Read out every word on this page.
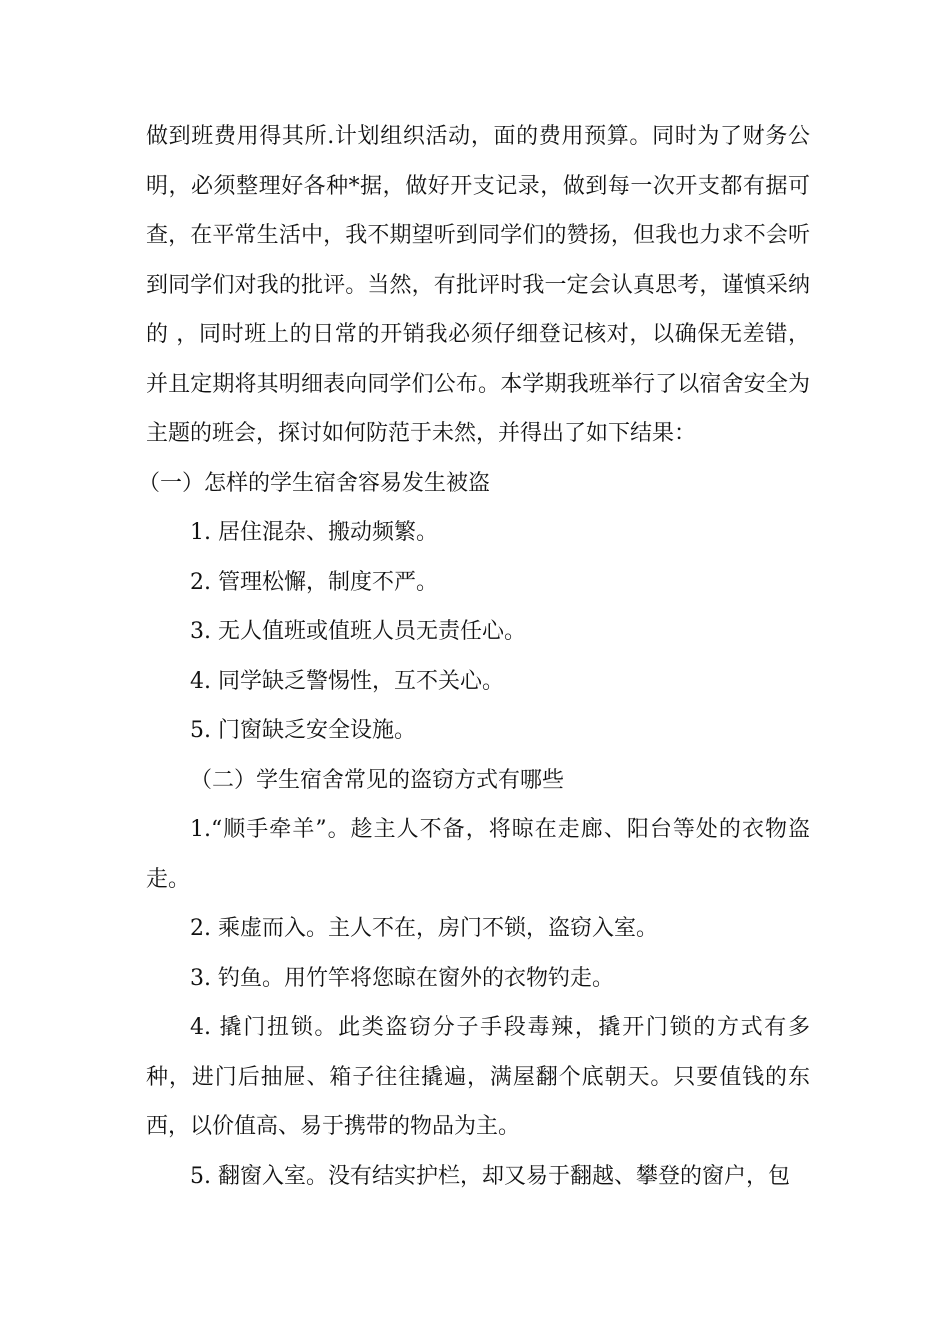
做到班费用得其所.计划组织活动，面的费用预算。同时为了财务公明，必须整理好各种*据，做好开支记录，做到每一次开支都有据可查，在平常生活中，我不期望听到同学们的赞扬，但我也力求不会听到同学们对我的批评。当然，有批评时我一定会认真思考，谨慎采纳的 ，同时班上的日常的开销我必须仔细登记核对，以确保无差错，并且定期将其明细表向同学们公布。本学期我班举行了以宿舍安全为主题的班会，探讨如何防范于未然，并得出了如下结果：

（一）怎样的学生宿舍容易发生被盗

1. 居住混杂、搬动频繁。

2. 管理松懈，制度不严。

3. 无人值班或值班人员无责任心。

4. 同学缺乏警惕性，互不关心。

5. 门窗缺乏安全设施。

（二）学生宿舍常见的盗窃方式有哪些

1.“顺手牵羊”。趁主人不备，将晾在走廊、阳台等处的衣物盗走。

2. 乘虚而入。主人不在，房门不锁，盗窃入室。

3. 钓鱼。用竹竿将您晾在窗外的衣物钓走。

4. 撬门扭锁。此类盗窃分子手段毒辣，撬开门锁的方式有多种，进门后抽屉、箱子往往撬遍，满屋翻个底朝天。只要值钱的东西，以价值高、易于携带的物品为主。

5. 翻窗入室。没有结实护栏，却又易于翻越、攀登的窗户，包
